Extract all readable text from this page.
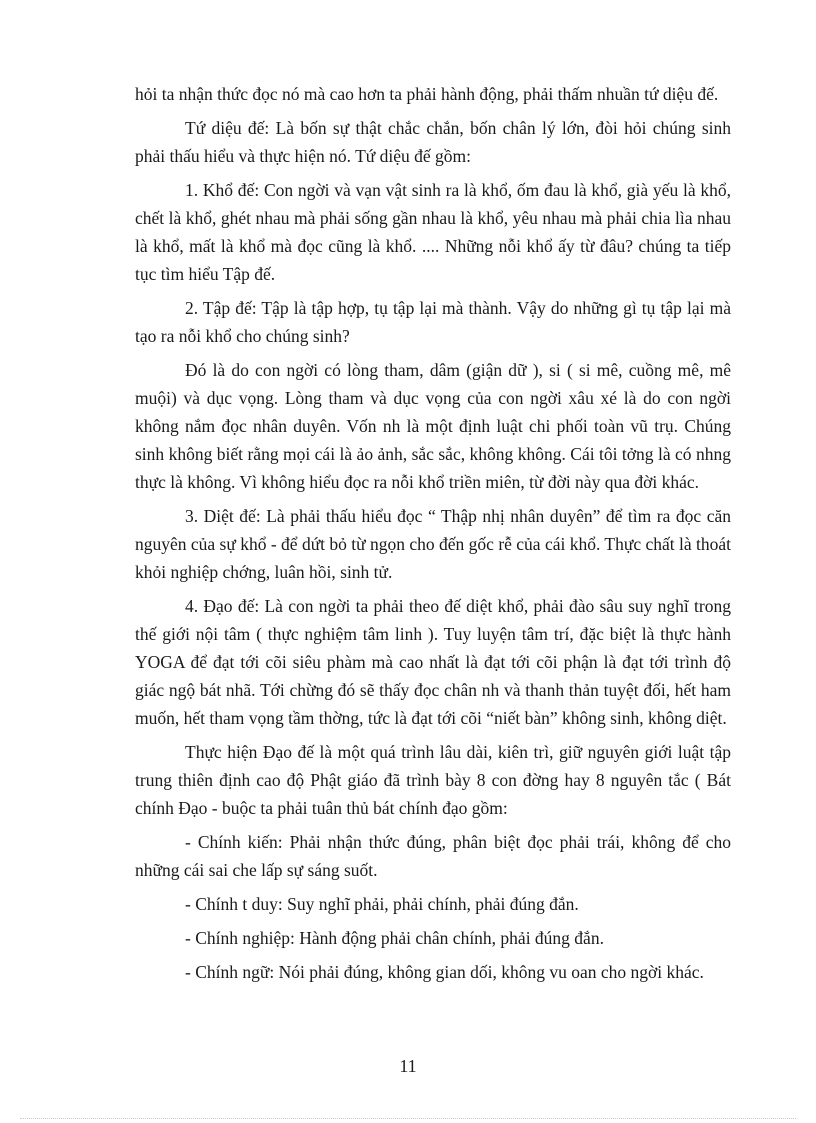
hỏi ta nhận thức đọc nó mà cao hơn ta phải hành động, phải thấm nhuần tứ diệu đế.

Tứ diệu đế: Là bốn sự thật chắc chắn, bốn chân lý lớn, đòi hỏi chúng sinh phải thấu hiểu và thực hiện nó. Tứ diệu đế gồm:

1. Khổ đế: Con ngời và vạn vật sinh ra là khổ, ốm đau là khổ, già yếu là khổ, chết là khổ, ghét nhau mà phải sống gần nhau là khổ, yêu nhau mà phải chia lìa nhau là khổ, mất là khổ mà đọc cũng là khổ. .... Những nỗi khổ ấy từ đâu? chúng ta tiếp tục tìm hiểu Tập đế.

2. Tập đế: Tập là tập hợp, tụ tập lại mà thành. Vậy do những gì tụ tập lại mà tạo ra nỗi khổ cho chúng sinh?

Đó là do con ngời có lòng tham, dâm (giận dữ ), si ( si mê, cuồng mê, mê muội) và dục vọng. Lòng tham và dục vọng của con ngời xâu xé là do con ngời không nắm đọc nhân duyên. Vốn nh là một định luật chi phối toàn vũ trụ. Chúng sinh không biết rằng mọi cái là ảo ảnh, sắc sắc, không không. Cái tôi tởng là có nhng thực là không. Vì không hiểu đọc ra nỗi khổ triền miên, từ đời này qua đời khác.

3. Diệt đế: Là phải thấu hiểu đọc “ Thập nhị nhân duyên” để tìm ra đọc căn nguyên của sự khổ - để dứt bỏ từ ngọn cho đến gốc rễ của cái khổ. Thực chất là thoát khỏi nghiệp chớng, luân hồi, sinh tử.

4. Đạo đế: Là con ngời ta phải theo đế diệt khổ, phải đào sâu suy nghĩ trong thế giới nội tâm ( thực nghiệm tâm linh ). Tuy luyện tâm trí, đặc biệt là thực hành YOGA để đạt tới cõi siêu phàm mà cao nhất là đạt tới cõi phận là đạt tới trình độ giác ngộ bát nhã. Tới chừng đó sẽ thấy đọc chân nh và thanh thản tuyệt đối, hết ham muốn, hết tham vọng tầm thờng, tức là đạt tới cõi “niết bàn” không sinh, không diệt.

Thực hiện Đạo đế là một quá trình lâu dài, kiên trì, giữ nguyên giới luật tập trung thiên định cao độ Phật giáo đã trình bày 8 con đờng hay 8 nguyên tắc ( Bát chính Đạo - buộc ta phải tuân thủ bát chính đạo gồm:

- Chính kiến: Phải nhận thức đúng, phân biệt đọc phải trái, không để cho những cái sai che lấp sự sáng suốt.

- Chính t duy: Suy nghĩ phải, phải chính, phải đúng đắn.

- Chính nghiệp: Hành động phải chân chính, phải đúng đắn.

- Chính ngữ: Nói phải đúng, không gian dối, không vu oan cho ngời khác.

11
